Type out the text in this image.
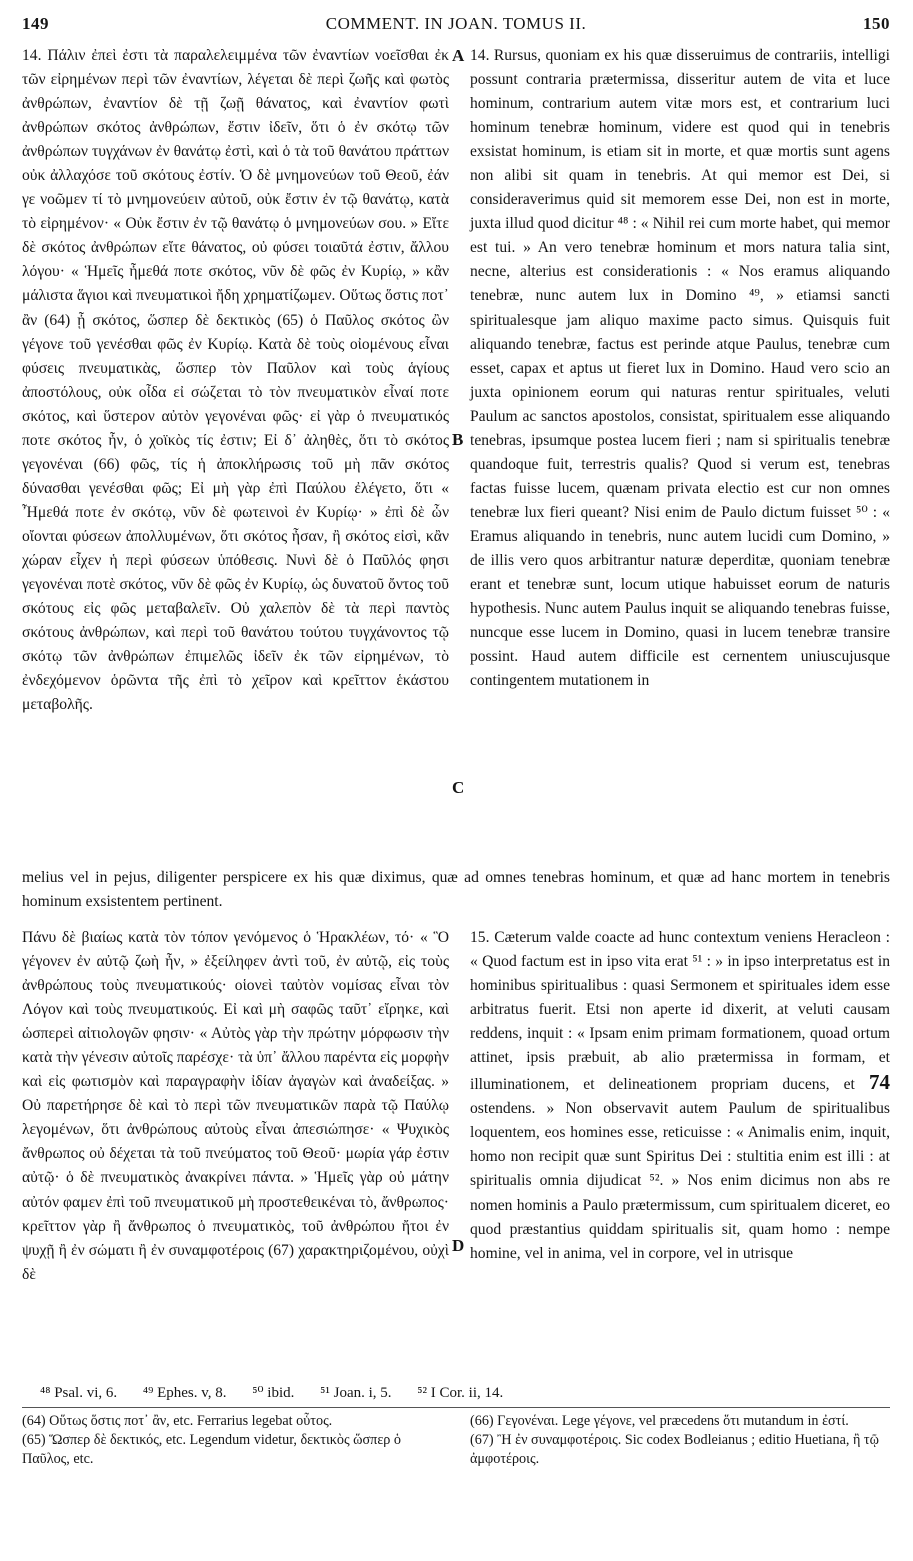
149	COMMENT. IN JOAN. TOMUS II.	150

14. Πάλιν ἐπεὶ ἐστι τὰ παραλελειμμένα τῶν ἐναντίων νοεῖσθαι ἐκ τῶν εἰρημένων περὶ τῶν ἐναντίων, λέγεται δὲ περὶ ζωῆς καὶ φωτὸς ἀνθρώπων, ἐναντίον δὲ τῇ ζωῇ θάνατος, καὶ ἐναντίον φωτὶ ἀνθρώπων σκότος ἀνθρώπων, ἔστιν ἰδεῖν, ὅτι ὁ ἐν σκότῳ τῶν ἀνθρώπων τυγχάνων ἐν θανάτῳ ἐστὶ, καὶ ὁ τὰ τοῦ θανάτου πράττων οὐκ ἀλλαχόσε τοῦ σκότους ἐστίν. Ὁ δὲ μνημονεύων τοῦ Θεοῦ, ἐάν γε νοῶμεν τί τὸ μνημονεύειν αὐτοῦ, οὐκ ἔστιν ἐν τῷ θανάτῳ, κατὰ τὸ εἰρημένον· « Οὐκ ἔστιν ἐν τῷ θανάτῳ ὁ μνημονεύων σου. » Εἴτε δὲ σκότος ἀνθρώπων εἴτε θάνατος, οὐ φύσει τοιαῦτά ἐστιν, ἄλλου λόγου· « Ἡμεῖς ἦμεθά ποτε σκότος, νῦν δὲ φῶς ἐν Κυρίῳ, » κἂν μάλιστα ἅγιοι καὶ πνευματικοὶ ἤδη χρηματίζωμεν. Οὕτως ὅστις ποτ᾽ ἂν (64) ᾖ σκότος, ὥσπερ δὲ δεκτικὸς (65) ὁ Παῦλος σκότος ὢν γέγονε τοῦ γενέσθαι φῶς ἐν Κυρίῳ. Κατὰ δὲ τοὺς οἰομένους εἶναι φύσεις πνευματικὰς, ὥσπερ τὸν Παῦλον καὶ τοὺς ἁγίους ἀποστόλους, οὐκ οἶδα εἰ σώζεται τὸ τὸν πνευματικὸν εἶναί ποτε σκότος, καὶ ὕστερον αὐτὸν γεγονέναι φῶς· εἰ γὰρ ὁ πνευματικός ποτε σκότος ἦν, ὁ χοϊκὸς τίς ἐστιν; Εἰ δ᾽ ἀληθὲς, ὅτι τὸ σκότος γεγονέναι (66) φῶς, τίς ἡ ἀποκλήρωσις τοῦ μὴ πᾶν σκότος δύνασθαι γενέσθαι φῶς; Εἰ μὴ γὰρ ἐπὶ Παύλου ἐλέγετο, ὅτι « Ἦμεθά ποτε ἐν σκότῳ, νῦν δὲ φωτεινοὶ ἐν Κυρίῳ· » ἐπὶ δὲ ὧν οἴονται φύσεων ἀπολλυμένων, ὅτι σκότος ἦσαν, ἢ σκότος εἰσὶ, κἂν χώραν εἶχεν ἡ περὶ φύσεων ὑπόθεσις. Νυνὶ δὲ ὁ Παῦλός φησι γεγονέναι ποτὲ σκότος, νῦν δὲ φῶς ἐν Κυρίῳ, ὡς δυνατοῦ ὄντος τοῦ σκότους εἰς φῶς μεταβαλεῖν. Οὐ χαλεπὸν δὲ τὰ περὶ παντὸς σκότους ἀνθρώπων, καὶ περὶ τοῦ θανάτου τούτου τυγχάνοντος τῷ σκότῳ τῶν ἀνθρώπων ἐπιμελῶς ἰδεῖν ἐκ τῶν εἰρημένων, τὸ ἐνδεχόμενον ὁρῶντα τῆς ἐπὶ τὸ χεῖρον καὶ κρεῖττον ἑκάστου μεταβολῆς.

14. Rursus, quoniam ex his quæ disseruimus de contrariis, intelligi possunt contraria prætermissa, disseritur autem de vita et luce hominum, contrarium autem vitæ mors est, et contrarium luci hominum tenebræ hominum, videre est quod qui in tenebris exsistat hominum, is etiam sit in morte, et quæ mortis sunt agens non alibi sit quam in tenebris. At qui memor est Dei, si consideraverimus quid sit memorem esse Dei, non est in morte, juxta illud quod dicitur ⁴⁸ : « Nihil rei cum morte habet, qui memor est tui. » An vero tenebræ hominum et mors natura talia sint, necne, alterius est considerationis : « Nos eramus aliquando tenebræ, nunc autem lux in Domino ⁴⁹, » etiamsi sancti spiritualesque jam aliquo maxime pacto simus. Quisquis fuit aliquando tenebræ, factus est perinde atque Paulus, tenebræ cum esset, capax et aptus ut fieret lux in Domino. Haud vero scio an juxta opinionem eorum qui naturas rentur spirituales, veluti Paulum ac sanctos apostolos, consistat, spiritualem esse aliquando tenebras, ipsumque postea lucem fieri ; nam si spiritualis tenebræ quandoque fuit, terrestris qualis? Quod si verum est, tenebras factas fuisse lucem, quænam privata electio est cur non omnes tenebræ lux fieri queant? Nisi enim de Paulo dictum fuisset ⁵⁰ : « Eramus aliquando in tenebris, nunc autem lucidi cum Domino, » de illis vero quos arbitrantur naturæ deperditæ, quoniam tenebræ erant et tenebræ sunt, locum utique habuisset eorum de naturis hypothesis. Nunc autem Paulus inquit se aliquando tenebras fuisse, nuncque esse lucem in Domino, quasi in lucem tenebræ transire possint. Haud autem difficile est cernentem uniuscujusque contingentem mutationem in

melius vel in pejus, diligenter perspicere ex his quæ diximus, quæ ad omnes tenebras hominum, et quæ ad hanc mortem in tenebris hominum exsistentem pertinent.

Πάνυ δὲ βιαίως κατὰ τὸν τόπον γενόμενος ὁ Ἡρακλέων, τό· « Ὃ γέγονεν ἐν αὐτῷ ζωὴ ἦν, » ἐξείληφεν ἀντὶ τοῦ, ἐν αὐτῷ, εἰς τοὺς ἀνθρώπους τοὺς πνευματικούς· οἱονεὶ ταὐτὸν νομίσας εἶναι τὸν Λόγον καὶ τοὺς πνευματικούς. Εἰ καὶ μὴ σαφῶς ταῦτ᾽ εἴρηκε, καὶ ὡσπερεὶ αἰτιολογῶν φησιν· « Αὐτὸς γὰρ τὴν πρώτην μόρφωσιν τὴν κατὰ τὴν γένεσιν αὐτοῖς παρέσχε· τὰ ὑπ᾽ ἄλλου παρέντα εἰς μορφὴν καὶ εἰς φωτισμὸν καὶ παραγραφὴν ἰδίαν ἀγαγὼν καὶ ἀναδείξας. » Οὐ παρετήρησε δὲ καὶ τὸ περὶ τῶν πνευματικῶν παρὰ τῷ Παύλῳ λεγομένων, ὅτι ἀνθρώπους αὐτοὺς εἶναι ἀπεσιώπησε· « Ψυχικὸς ἄνθρωπος οὐ δέχεται τὰ τοῦ πνεύματος τοῦ Θεοῦ· μωρία γάρ ἐστιν αὐτῷ· ὁ δὲ πνευματικὸς ἀνακρίνει πάντα. » Ἡμεῖς γὰρ οὐ μάτην αὐτόν φαμεν ἐπὶ τοῦ πνευματικοῦ μὴ προστεθεικέναι τὸ, ἄνθρωπος· κρεῖττον γὰρ ἢ ἄνθρωπος ὁ πνευματικὸς, τοῦ ἀνθρώπου ἤτοι ἐν ψυχῇ ἢ ἐν σώματι ἢ ἐν συναμφοτέροις (67) χαρακτηριζομένου, οὐχὶ δὲ

15. Cæterum valde coacte ad hunc contextum veniens Heracleon : « Quod factum est in ipso vita erat ⁵¹ : » in ipso interpretatus est in hominibus spiritualibus : quasi Sermonem et spirituales idem esse arbitratus fuerit. Etsi non aperte id dixerit, at veluti causam reddens, inquit : « Ipsam enim primam formationem, quoad ortum attinet, ipsis præbuit, ab alio prætermissa in formam, et illuminationem, et delineationem propriam ducens, et 74 ostendens. » Non observavit autem Paulum de spiritualibus loquentem, eos homines esse, reticuisse : « Animalis enim, inquit, homo non recipit quæ sunt Spiritus Dei : stultitia enim est illi : at spiritualis omnia dijudicat ⁵². » Nos enim dicimus non abs re nomen hominis a Paulo prætermissum, cum spiritualem diceret, eo quod præstantius quiddam spiritualis sit, quam homo : nempe homine, vel in anima, vel in corpore, vel in utrisque

A
B
C
D
⁴⁸ Psal. vi, 6. ⁴⁹ Ephes. v, 8. ⁵⁰ ibid. ⁵¹ Joan. i, 5. ⁵² I Cor. ii, 14.

(64) Οὕτως ὅστις ποτ᾽ ἂν, etc. Ferrarius legebat οὗτος.

(65) Ὥσπερ δὲ δεκτικός, etc. Legendum videtur, δεκτικὸς ὥσπερ ὁ Παῦλος, etc.

(66) Γεγονέναι. Lege γέγονε, vel præcedens ὅτι mutandum in ἐστί.

(67) Ἢ ἐν συναμφοτέροις. Sic codex Bodleianus ; editio Huetiana, ἢ τῷ ἀμφοτέροις.
